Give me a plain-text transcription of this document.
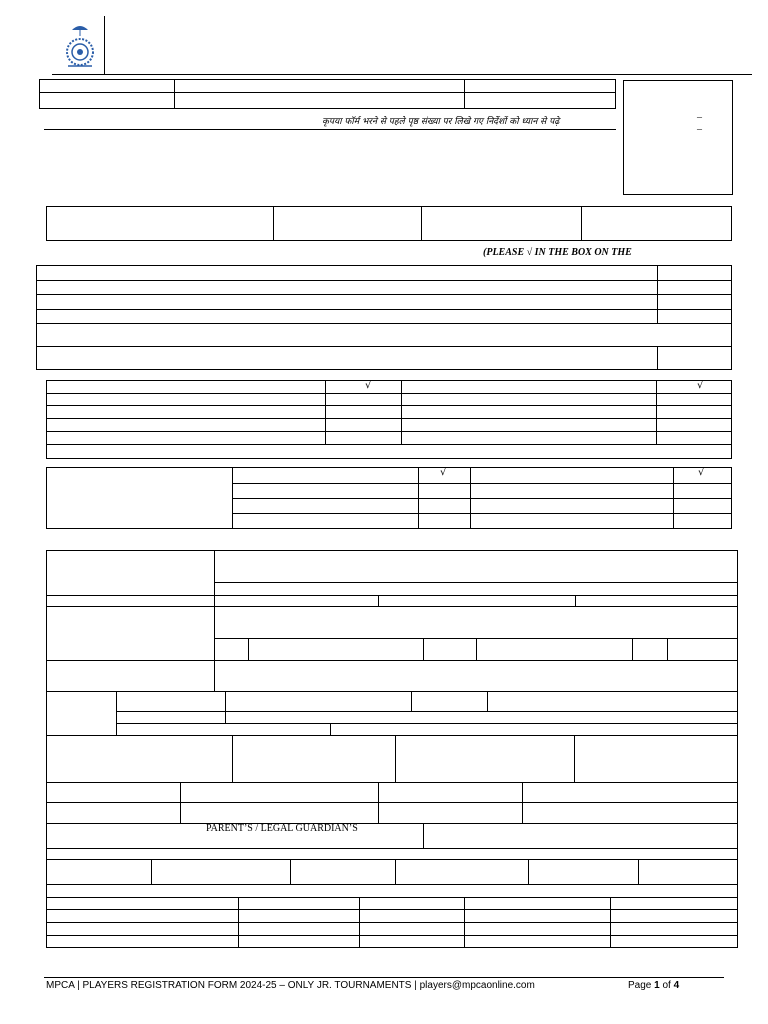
कृपया फॉर्म भरने से पहले पृष्ठ संख्या पर लिखे गए निर्देशों को ध्यान से पढ़े	–
–
(PLEASE √ IN THE BOX ON THE
√	√
√	√
PARENT’S / LEGAL GUARDIAN’S
MPCA | PLAYERS REGISTRATION FORM 2024-25 – ONLY JR. TOURNAMENTS | players@mpcaonline.com	Page 1 of 4
